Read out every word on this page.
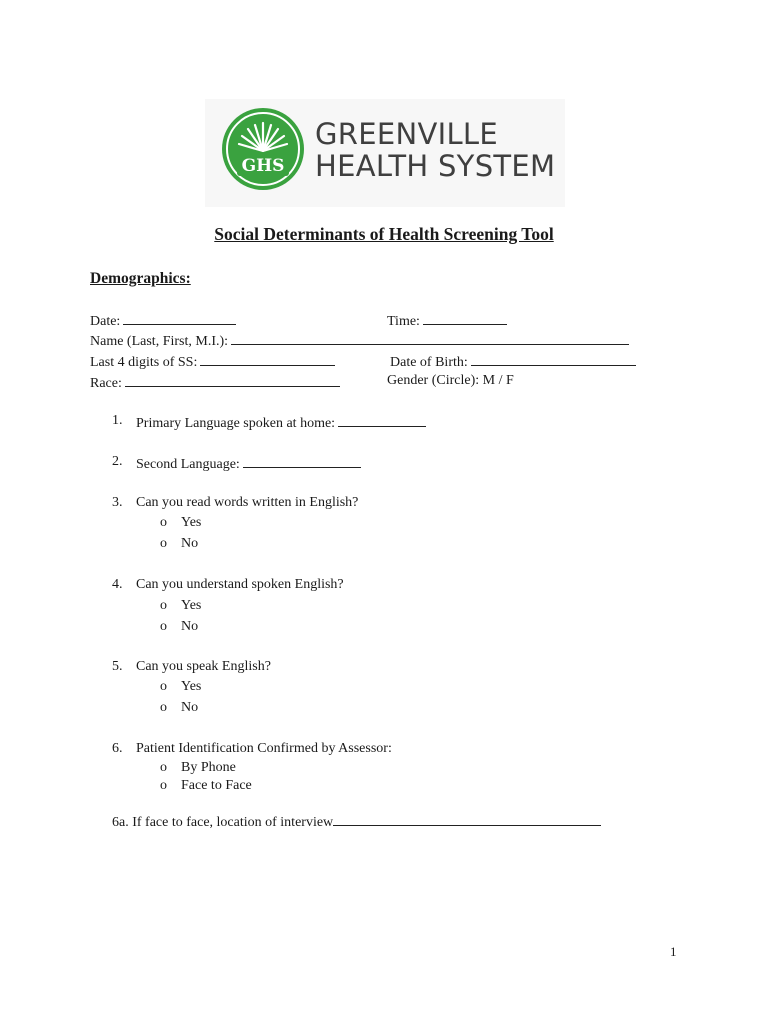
GHS
GREENVILLE
HEALTH SYSTEM
Social Determinants of Health Screening Tool
Demographics:
Date:	Time:
Name (Last, First, M.I.):
Last 4 digits of SS:	Date of Birth:
Race:	Gender (Circle): M / F
1. Primary Language spoken at home:
2. Second Language:
3. Can you read words written in English?
o Yes
o No
4. Can you understand spoken English?
o Yes
o No
5. Can you speak English?
o Yes
o No
6. Patient Identification Confirmed by Assessor:
o By Phone
o Face to Face
6a. If face to face, location of interview
1
